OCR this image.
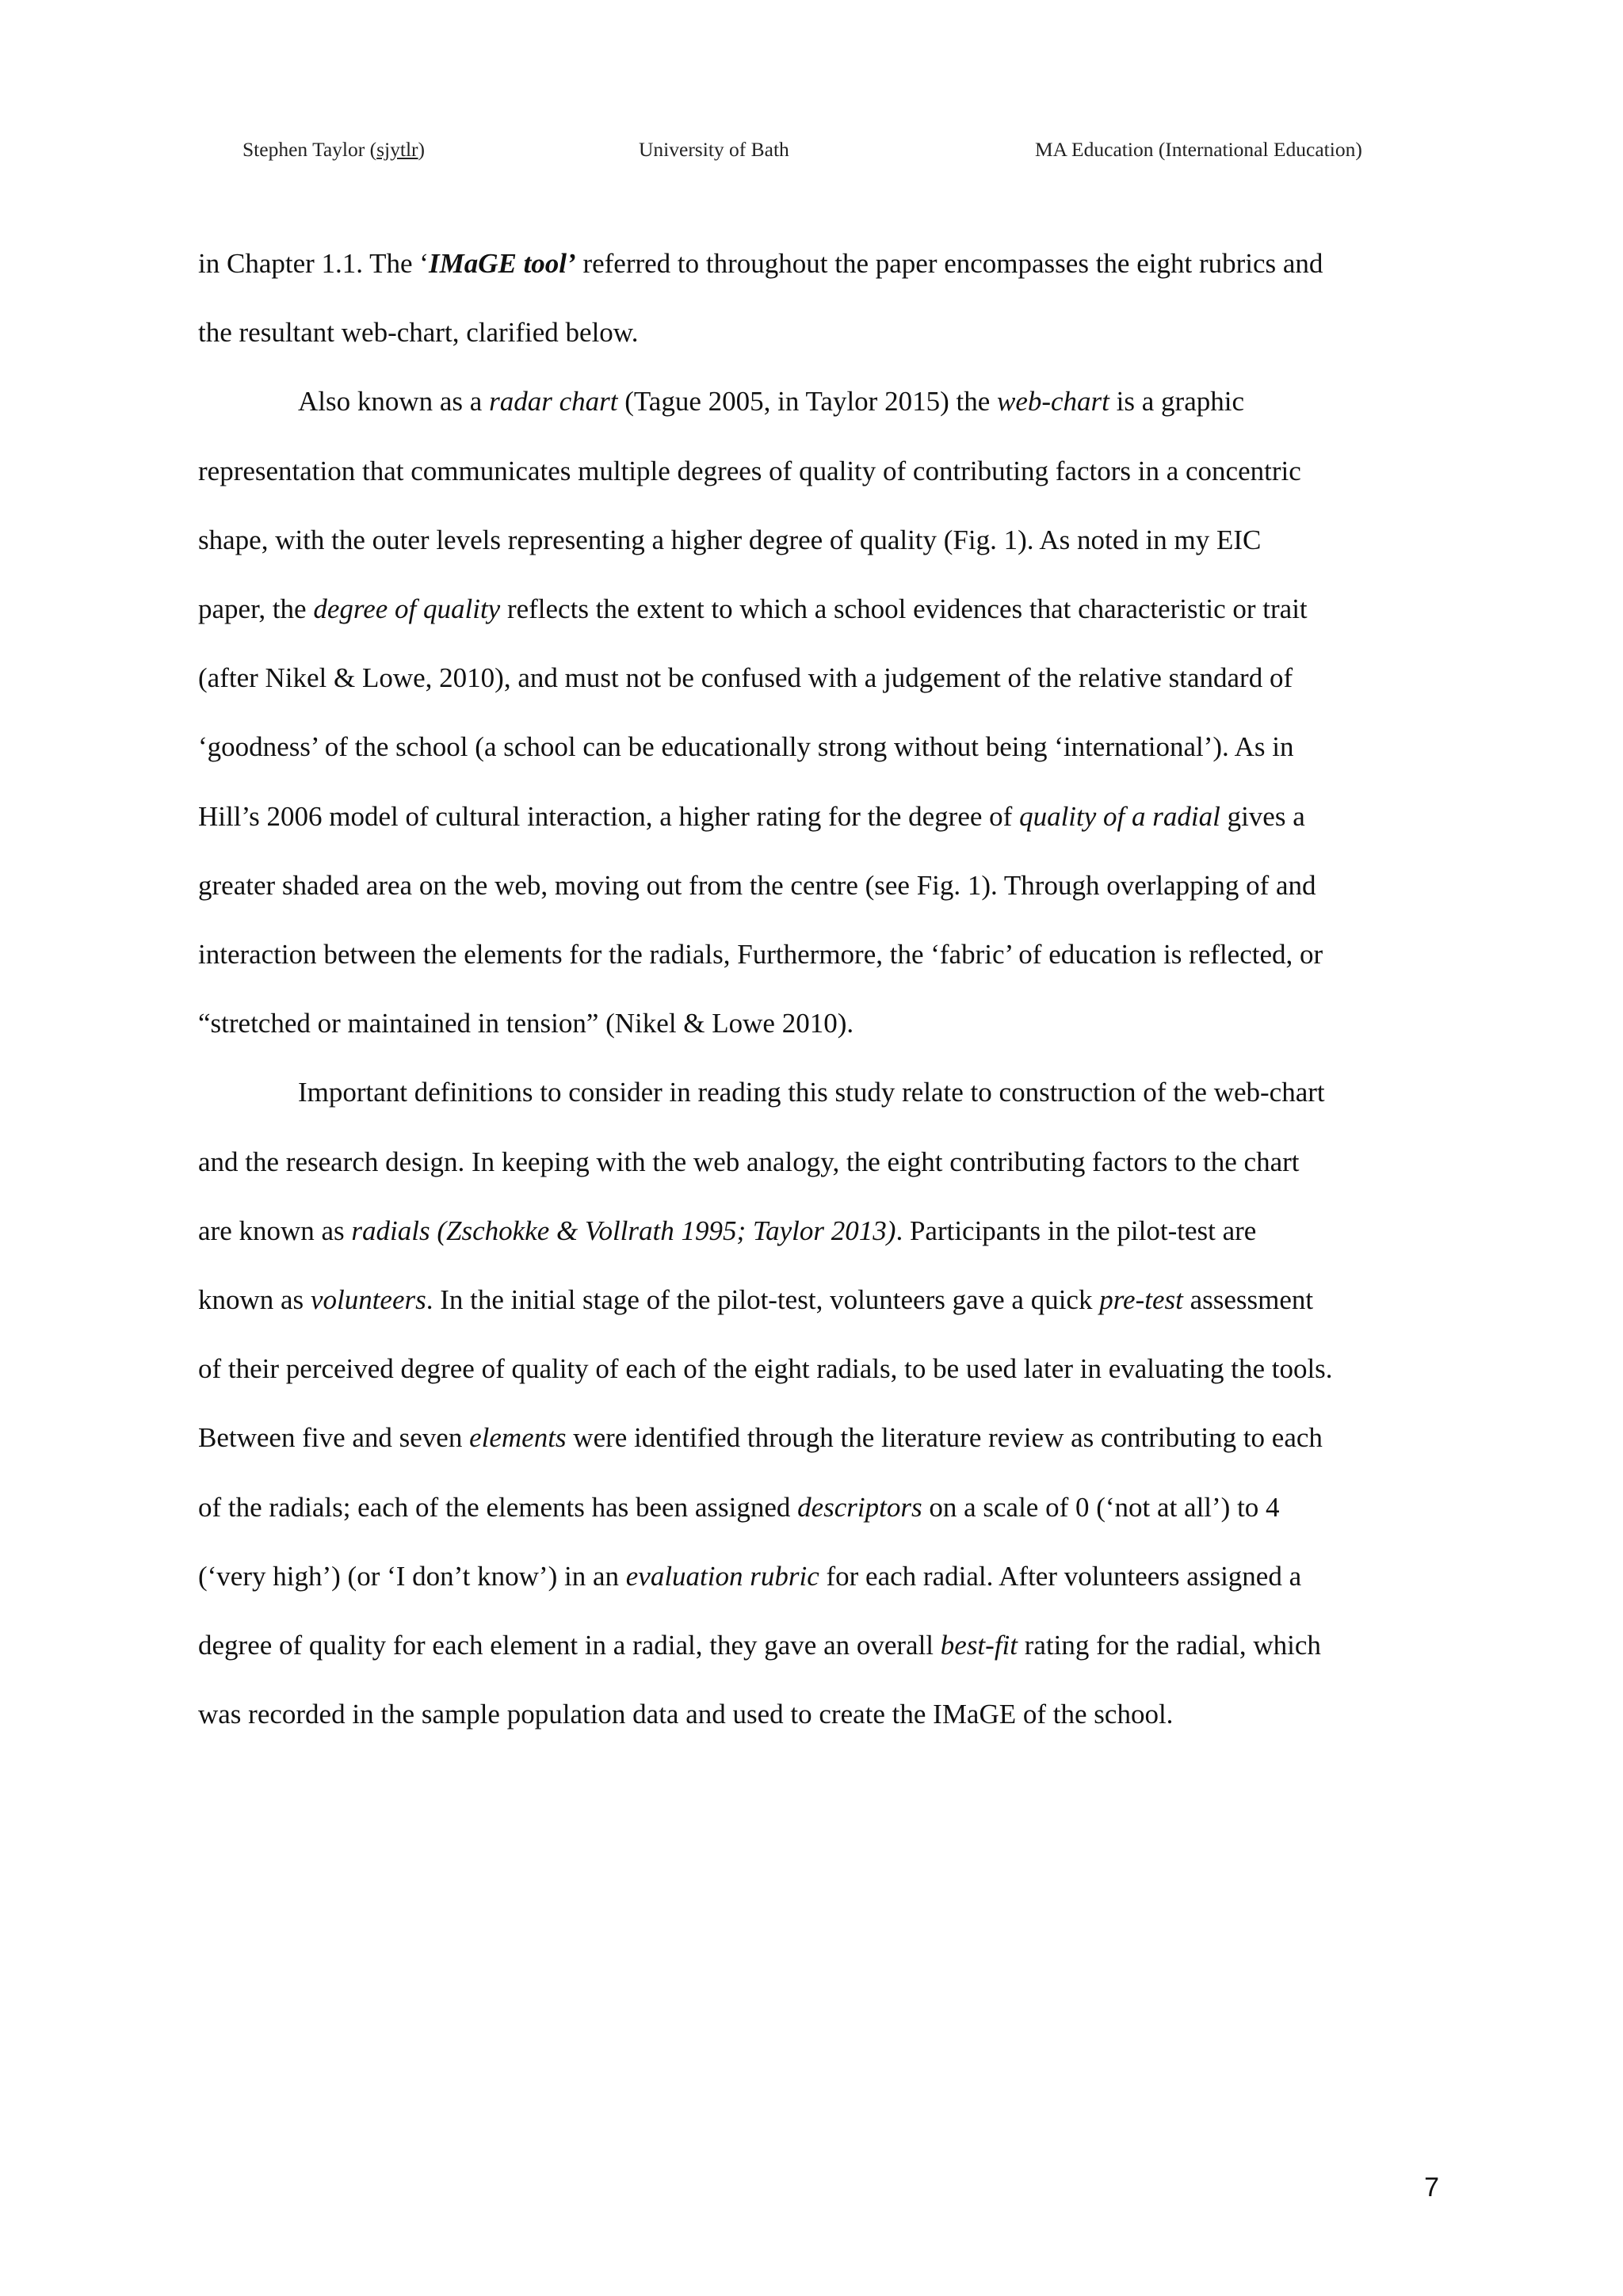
Stephen Taylor (sjytlr)	University of Bath	MA Education (International Education)

in Chapter 1.1. The ‘IMaGE tool’ referred to throughout the paper encompasses the eight rubrics and

the resultant web-chart, clarified below.

Also known as a radar chart (Tague 2005, in Taylor 2015) the web-chart is a graphic

representation that communicates multiple degrees of quality of contributing factors in a concentric

shape, with the outer levels representing a higher degree of quality (Fig. 1). As noted in my EIC

paper, the degree of quality reflects the extent to which a school evidences that characteristic or trait

(after Nikel & Lowe, 2010), and must not be confused with a judgement of the relative standard of

‘goodness’ of the school (a school can be educationally strong without being ‘international’). As in

Hill’s 2006 model of cultural interaction, a higher rating for the degree of quality of a radial gives a

greater shaded area on the web, moving out from the centre (see Fig. 1). Through overlapping of and

interaction between the elements for the radials, Furthermore, the ‘fabric’ of education is reflected, or

“stretched or maintained in tension” (Nikel & Lowe 2010).

Important definitions to consider in reading this study relate to construction of the web-chart

and the research design. In keeping with the web analogy, the eight contributing factors to the chart

are known as radials (Zschokke & Vollrath 1995; Taylor 2013). Participants in the pilot-test are

known as volunteers. In the initial stage of the pilot-test, volunteers gave a quick pre-test assessment

of their perceived degree of quality of each of the eight radials, to be used later in evaluating the tools.

Between five and seven elements were identified through the literature review as contributing to each

of the radials; each of the elements has been assigned descriptors on a scale of 0 (‘not at all’) to 4

(‘very high’) (or ‘I don’t know’) in an evaluation rubric for each radial. After volunteers assigned a

degree of quality for each element in a radial, they gave an overall best-fit rating for the radial, which

was recorded in the sample population data and used to create the IMaGE of the school.

7
